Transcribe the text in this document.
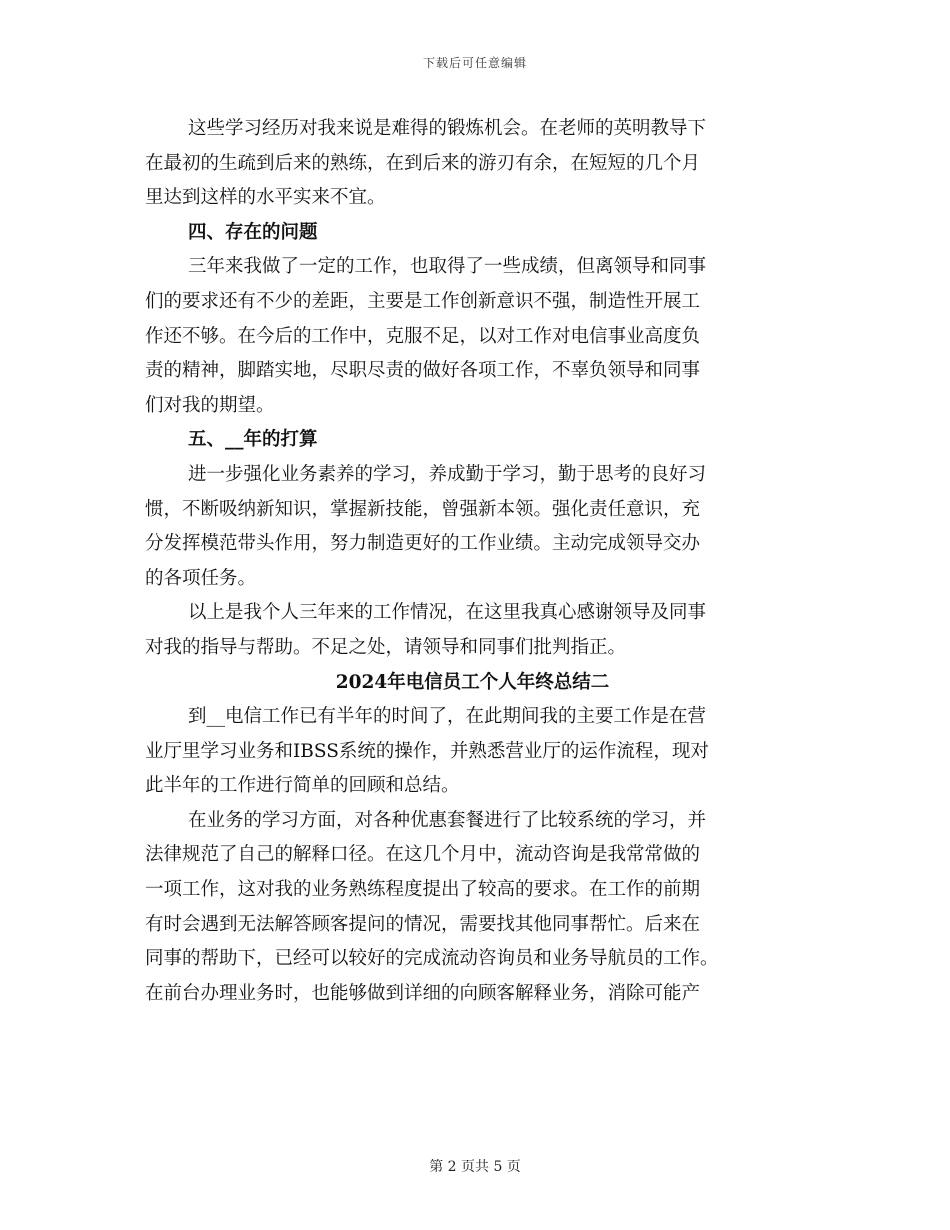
下载后可任意编辑
这些学习经历对我来说是难得的锻炼机会。在老师的英明教导下
在最初的生疏到后来的熟练，在到后来的游刃有余，在短短的几个月
里达到这样的水平实来不宜。
四、存在的问题
三年来我做了一定的工作，也取得了一些成绩，但离领导和同事
们的要求还有不少的差距，主要是工作创新意识不强，制造性开展工
作还不够。在今后的工作中，克服不足，以对工作对电信事业高度负
责的精神，脚踏实地，尽职尽责的做好各项工作，不辜负领导和同事
们对我的期望。
五、__年的打算
进一步强化业务素养的学习，养成勤于学习，勤于思考的良好习
惯，不断吸纳新知识，掌握新技能，曾强新本领。强化责任意识，充
分发挥模范带头作用，努力制造更好的工作业绩。主动完成领导交办
的各项任务。
以上是我个人三年来的工作情况，在这里我真心感谢领导及同事
对我的指导与帮助。不足之处，请领导和同事们批判指正。
2024年电信员工个人年终总结二
到__电信工作已有半年的时间了，在此期间我的主要工作是在营
业厅里学习业务和IBSS系统的操作，并熟悉营业厅的运作流程，现对
此半年的工作进行简单的回顾和总结。
在业务的学习方面，对各种优惠套餐进行了比较系统的学习，并
法律规范了自己的解释口径。在这几个月中，流动咨询是我常常做的
一项工作，这对我的业务熟练程度提出了较高的要求。在工作的前期
有时会遇到无法解答顾客提问的情况，需要找其他同事帮忙。后来在
同事的帮助下，已经可以较好的完成流动咨询员和业务导航员的工作。
在前台办理业务时，也能够做到详细的向顾客解释业务，消除可能产
第 2 页共 5 页
